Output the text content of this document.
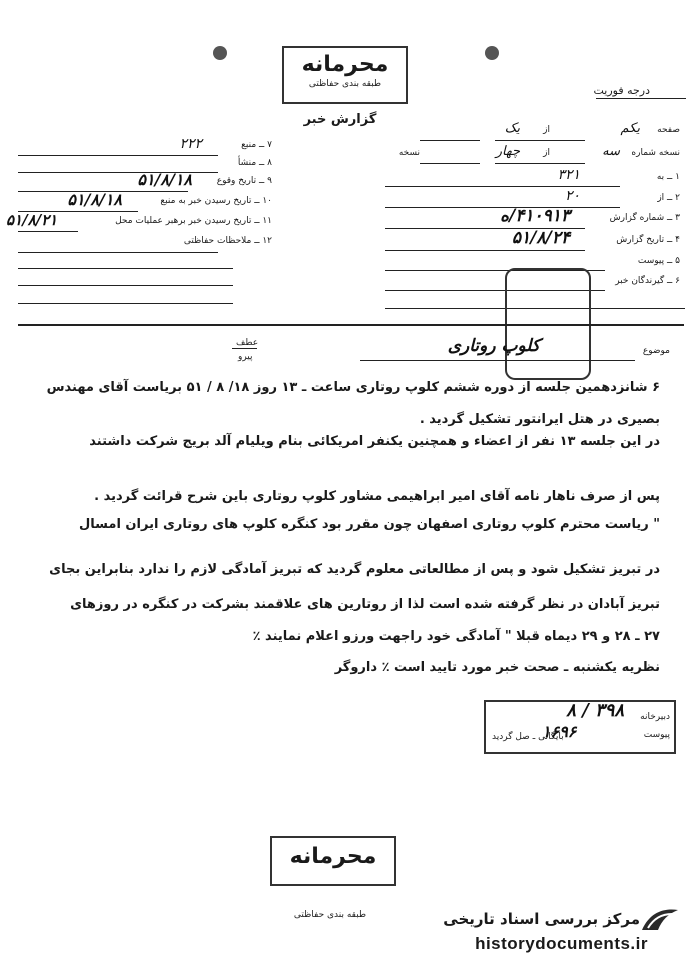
محرمانه
طبقه بندی حفاظتی	درجه فوریت
گزارش خبر
صفحه
یکم
از
یک
نسخه شماره
سه
از
چهار
نسخه
۱ ــ به
۳۲۱
۲ ــ از
۲۰
۳ ــ شماره گزارش
۴۱۰۹۱۳/ه
۴ ــ تاریخ گزارش
۵۱/۸/۲۴
۵ ــ پیوست
۶ ــ گیرندگان خبر
۷ ــ منبع
۲۲۲
۸ ــ منشأ
۹ ــ تاریخ وقوع
۵۱/۸/۱۸
۱۰ ــ تاریخ رسیدن خبر به منبع
۵۱/۸/۱۸
۱۱ ــ تاریخ رسیدن خبر برهبر عملیات محل
۵۱/۸/۲۱
۱۲ ــ ملاحظات حفاظتی
عطف
پیرو
موضوع
کلوپ روتاری
۶ شانزدهمین جلسه از دوره ششم کلوپ روتاری ساعت ـ ۱۳ روز ۱۸/ ۸ / ۵۱ بریاست آقای مهندس
بصیری در هتل ایرانتور تشکیل گردید .
در این جلسه ۱۳ نفر از اعضاء و همچنین یکنفر امریکائی بنام ویلیام آلد بریج شرکت داشتند
پس از صرف ناهار نامه آقای امیر ابراهیمی مشاور کلوپ روتاری باین شرح قرائت گردید .
" ریاست محترم کلوپ روتاری اصفهان چون مقرر بود کنگره کلوپ های روتاری ایران امسال
در تبریز تشکیل شود و پس از مطالعاتی معلوم گردید که تبریز آمادگی لازم را ندارد بنابراین بجای
تبریز آبادان در نظر گرفته شده است لذا از روتارین های علاقمند بشرکت در کنگره در روزهای
۲۷ ـ ۲۸ و ۲۹ دیماه قبلا " آمادگی خود راجهت ورزو اعلام نمایند ٪
نظریه یکشنبه ـ صحت خبر مورد تایید است ٪ داروگر
۳۹۸ / ۸ دبیرخانه
پیوست
بایگانی ـ صل گردید
۱۶۹۶
محرمانه
طبقه بندی حفاظتی	مرکز بررسی اسناد تاریخی
historydocuments.ir
